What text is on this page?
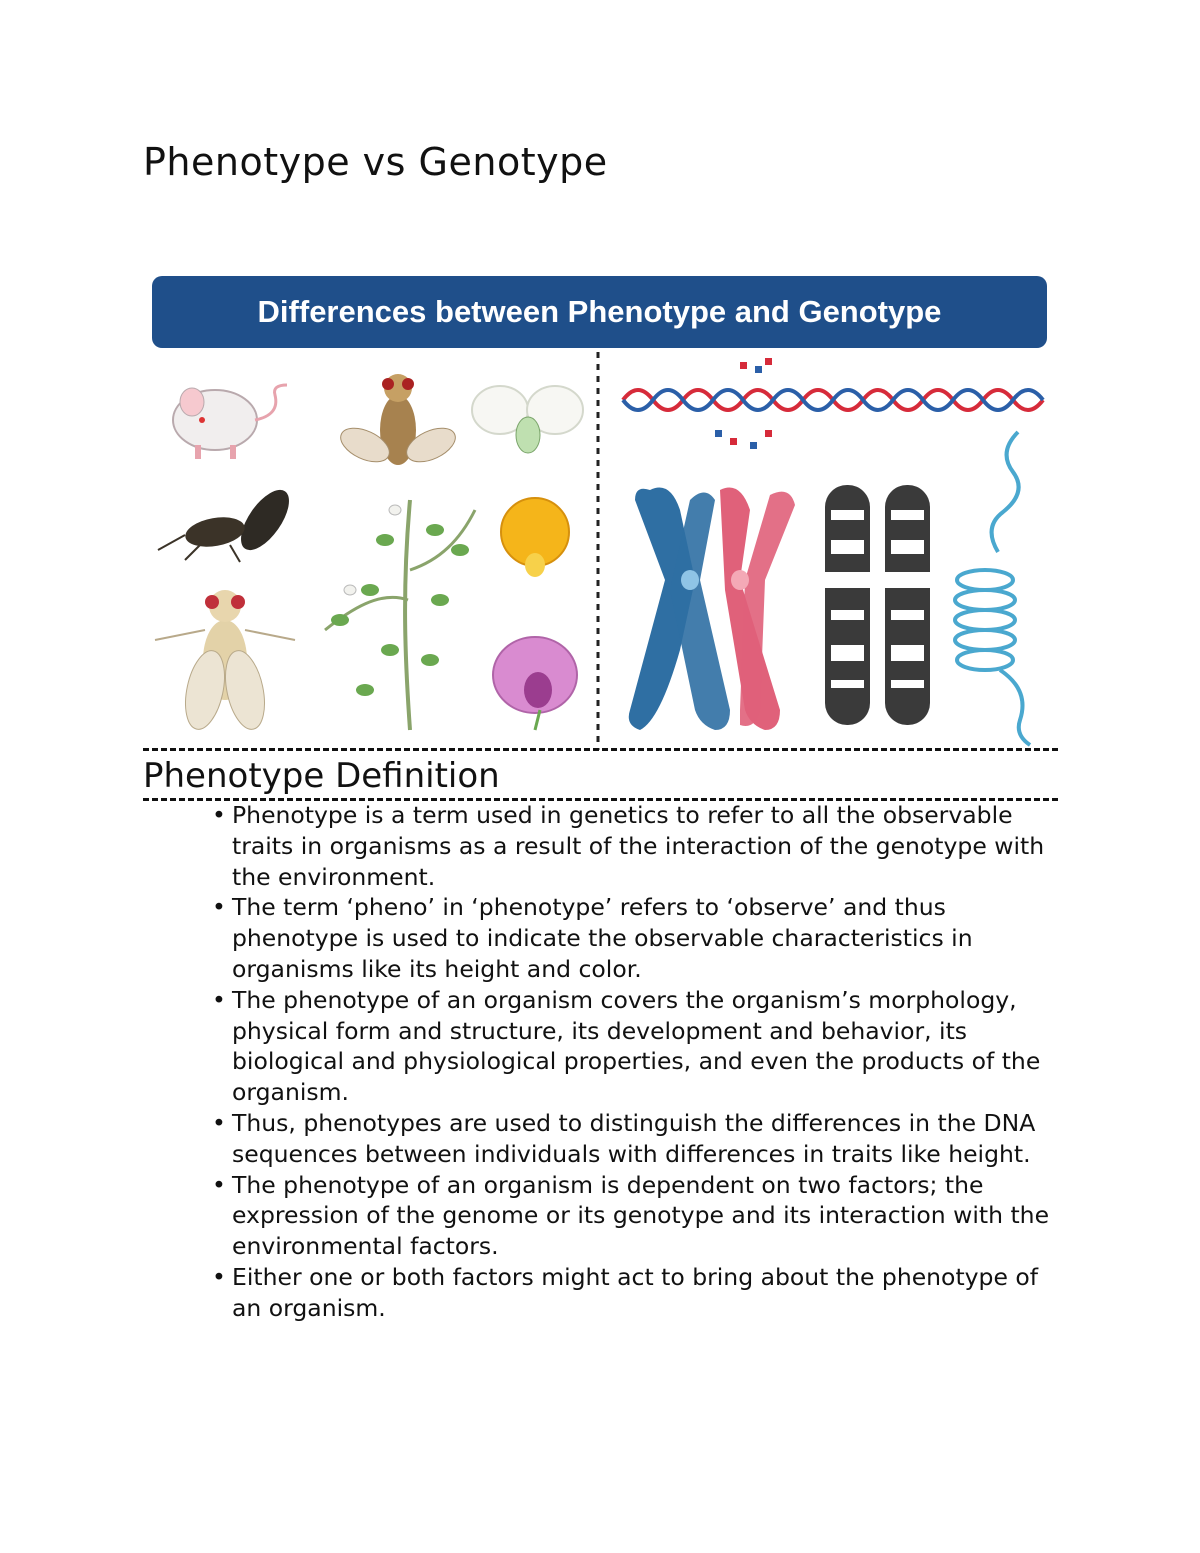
Phenotype vs Genotype
Differences between Phenotype and Genotype
Phenotype Definition
• Phenotype is a term used in genetics to refer to all the observable traits in organisms as a result of the interaction of the genotype with the environment.
• The term ‘pheno’ in ‘phenotype’ refers to ‘observe’ and thus phenotype is used to indicate the observable characteristics in organisms like its height and color.
• The phenotype of an organism covers the organism’s morphology, physical form and structure, its development and behavior, its biological and physiological properties, and even the products of the organism.
• Thus, phenotypes are used to distinguish the differences in the DNA sequences between individuals with differences in traits like height.
• The phenotype of an organism is dependent on two factors; the expression of the genome or its genotype and its interaction with the environmental factors.
• Either one or both factors might act to bring about the phenotype of an organism.
